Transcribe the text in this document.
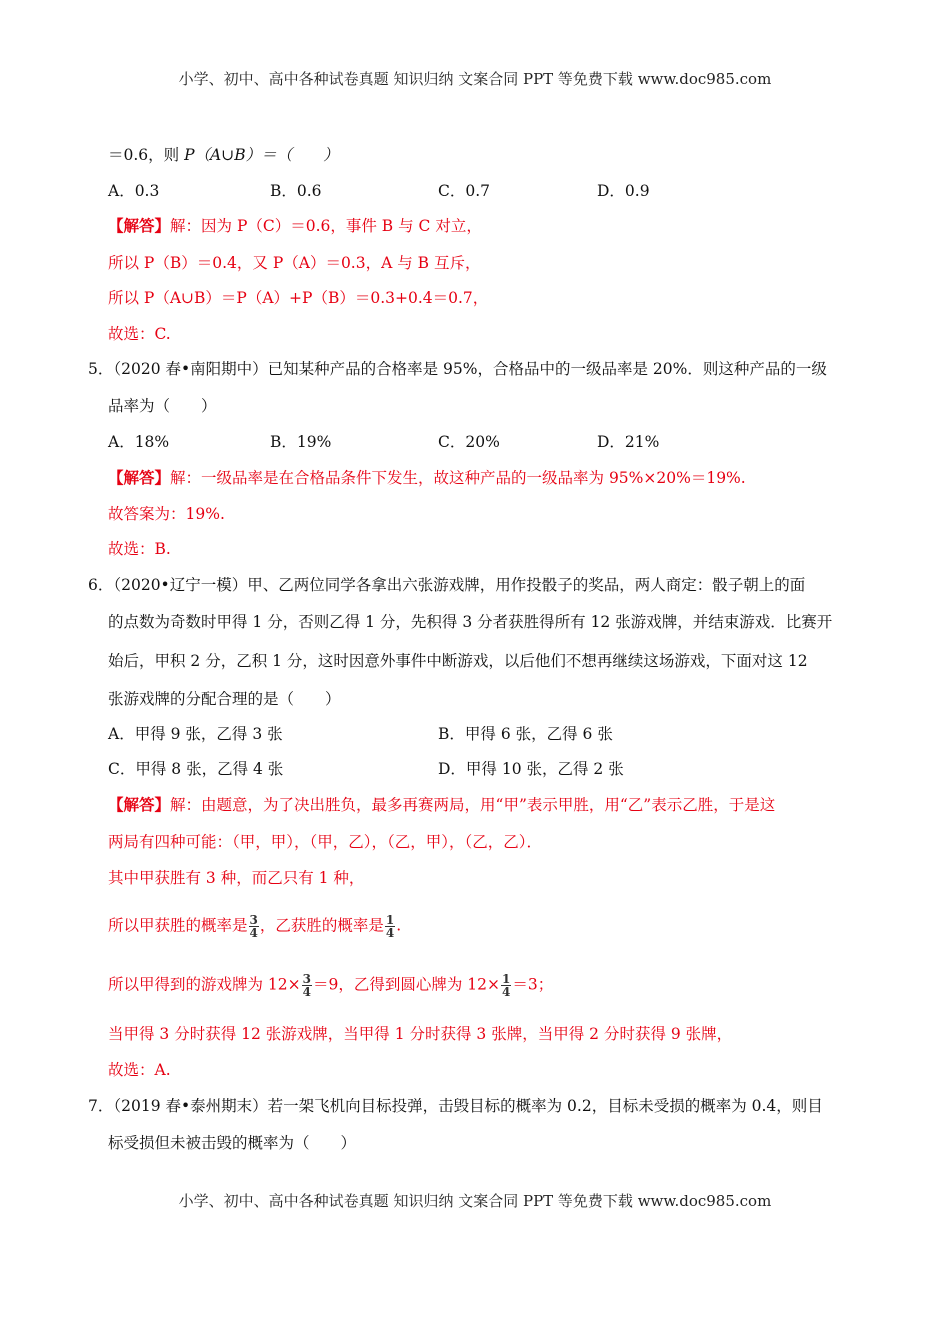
小学、初中、高中各种试卷真题 知识归纳 文案合同 PPT 等免费下载 www.doc985.com
＝0.6，则 P（A∪B）＝（　　）
A．0.3	B．0.6	C．0.7	D．0.9
【解答】解：因为 P（C）＝0.6，事件 B 与 C 对立，
所以 P（B）＝0.4，又 P（A）＝0.3，A 与 B 互斥，
所以 P（A∪B）＝P（A）+P（B）＝0.3+0.4＝0.7，
故选：C.
5．（2020 春•南阳期中）已知某种产品的合格率是 95%，合格品中的一级品率是 20%．则这种产品的一级
品率为（　　）
A．18%	B．19%	C．20%	D．21%
【解答】解：一级品率是在合格品条件下发生，故这种产品的一级品率为 95%×20%＝19%.
故答案为：19%.
故选：B.
6．（2020•辽宁一模）甲、乙两位同学各拿出六张游戏牌，用作投骰子的奖品，两人商定：骰子朝上的面
的点数为奇数时甲得 1 分，否则乙得 1 分，先积得 3 分者获胜得所有 12 张游戏牌，并结束游戏．比赛开
始后，甲积 2 分，乙积 1 分，这时因意外事件中断游戏，以后他们不想再继续这场游戏，下面对这 12
张游戏牌的分配合理的是（　　）
A．甲得 9 张，乙得 3 张	B．甲得 6 张，乙得 6 张
C．甲得 8 张，乙得 4 张	D．甲得 10 张，乙得 2 张
【解答】解：由题意，为了决出胜负，最多再赛两局，用“甲”表示甲胜，用“乙”表示乙胜，于是这
两局有四种可能：（甲，甲），（甲，乙），（乙，甲），（乙，乙）．
其中甲获胜有 3 种，而乙只有 1 种，
所以甲获胜的概率是 $\frac{3}{4}$ ，乙获胜的概率是 $\frac{1}{4}$ .
所以甲得到的游戏牌为 $12\times \frac{3}{4} =9$，乙得到圆心牌为 $12\times \frac{1}{4} =3$；
当甲得 3 分时获得 12 张游戏牌，当甲得 1 分时获得 3 张牌，当甲得 2 分时获得 9 张牌，
故选：A.
7．（2019 春•泰州期末）若一架飞机向目标投弹，击毁目标的概率为 0.2，目标未受损的概率为 0.4，则目
标受损但未被击毁的概率为（　　）
小学、初中、高中各种试卷真题 知识归纳 文案合同 PPT 等免费下载 www.doc985.com
